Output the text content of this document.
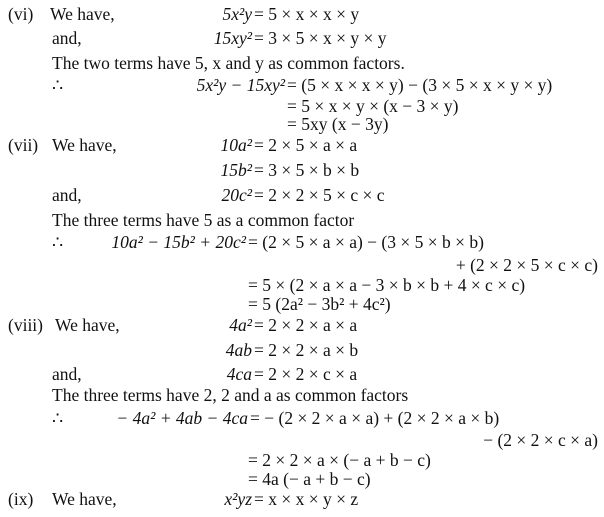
(vi) We have,	5x²y = 5 × x × x × y
and,	15xy² = 3 × 5 × x × y × y
The two terms have 5, x and y as common factors.
∴	5x²y − 15xy² = (5 × x × x × y) − (3 × 5 × x × y × y)
= 5 × x × y × (x − 3 × y)
= 5xy (x − 3y)
(vii) We have,	10a² = 2 × 5 × a × a
15b² = 3 × 5 × b × b
and,	20c² = 2 × 2 × 5 × c × c
The three terms have 5 as a common factor
∴	10a² − 15b² + 20c² = (2 × 5 × a × a) − (3 × 5 × b × b)
+ (2 × 2 × 5 × c × c)
= 5 × (2 × a × a − 3 × b × b + 4 × c × c)
= 5 (2a² − 3b² + 4c²)
(viii) We have,	4a² = 2 × 2 × a × a
4ab = 2 × 2 × a × b
and,	4ca = 2 × 2 × c × a
The three terms have 2, 2 and a as common factors
∴	− 4a² + 4ab − 4ca = − (2 × 2 × a × a) + (2 × 2 × a × b)
− (2 × 2 × c × a)
= 2 × 2 × a × (− a + b − c)
= 4a (− a + b − c)
(ix) We have,	x²yz = x × x × y × z
